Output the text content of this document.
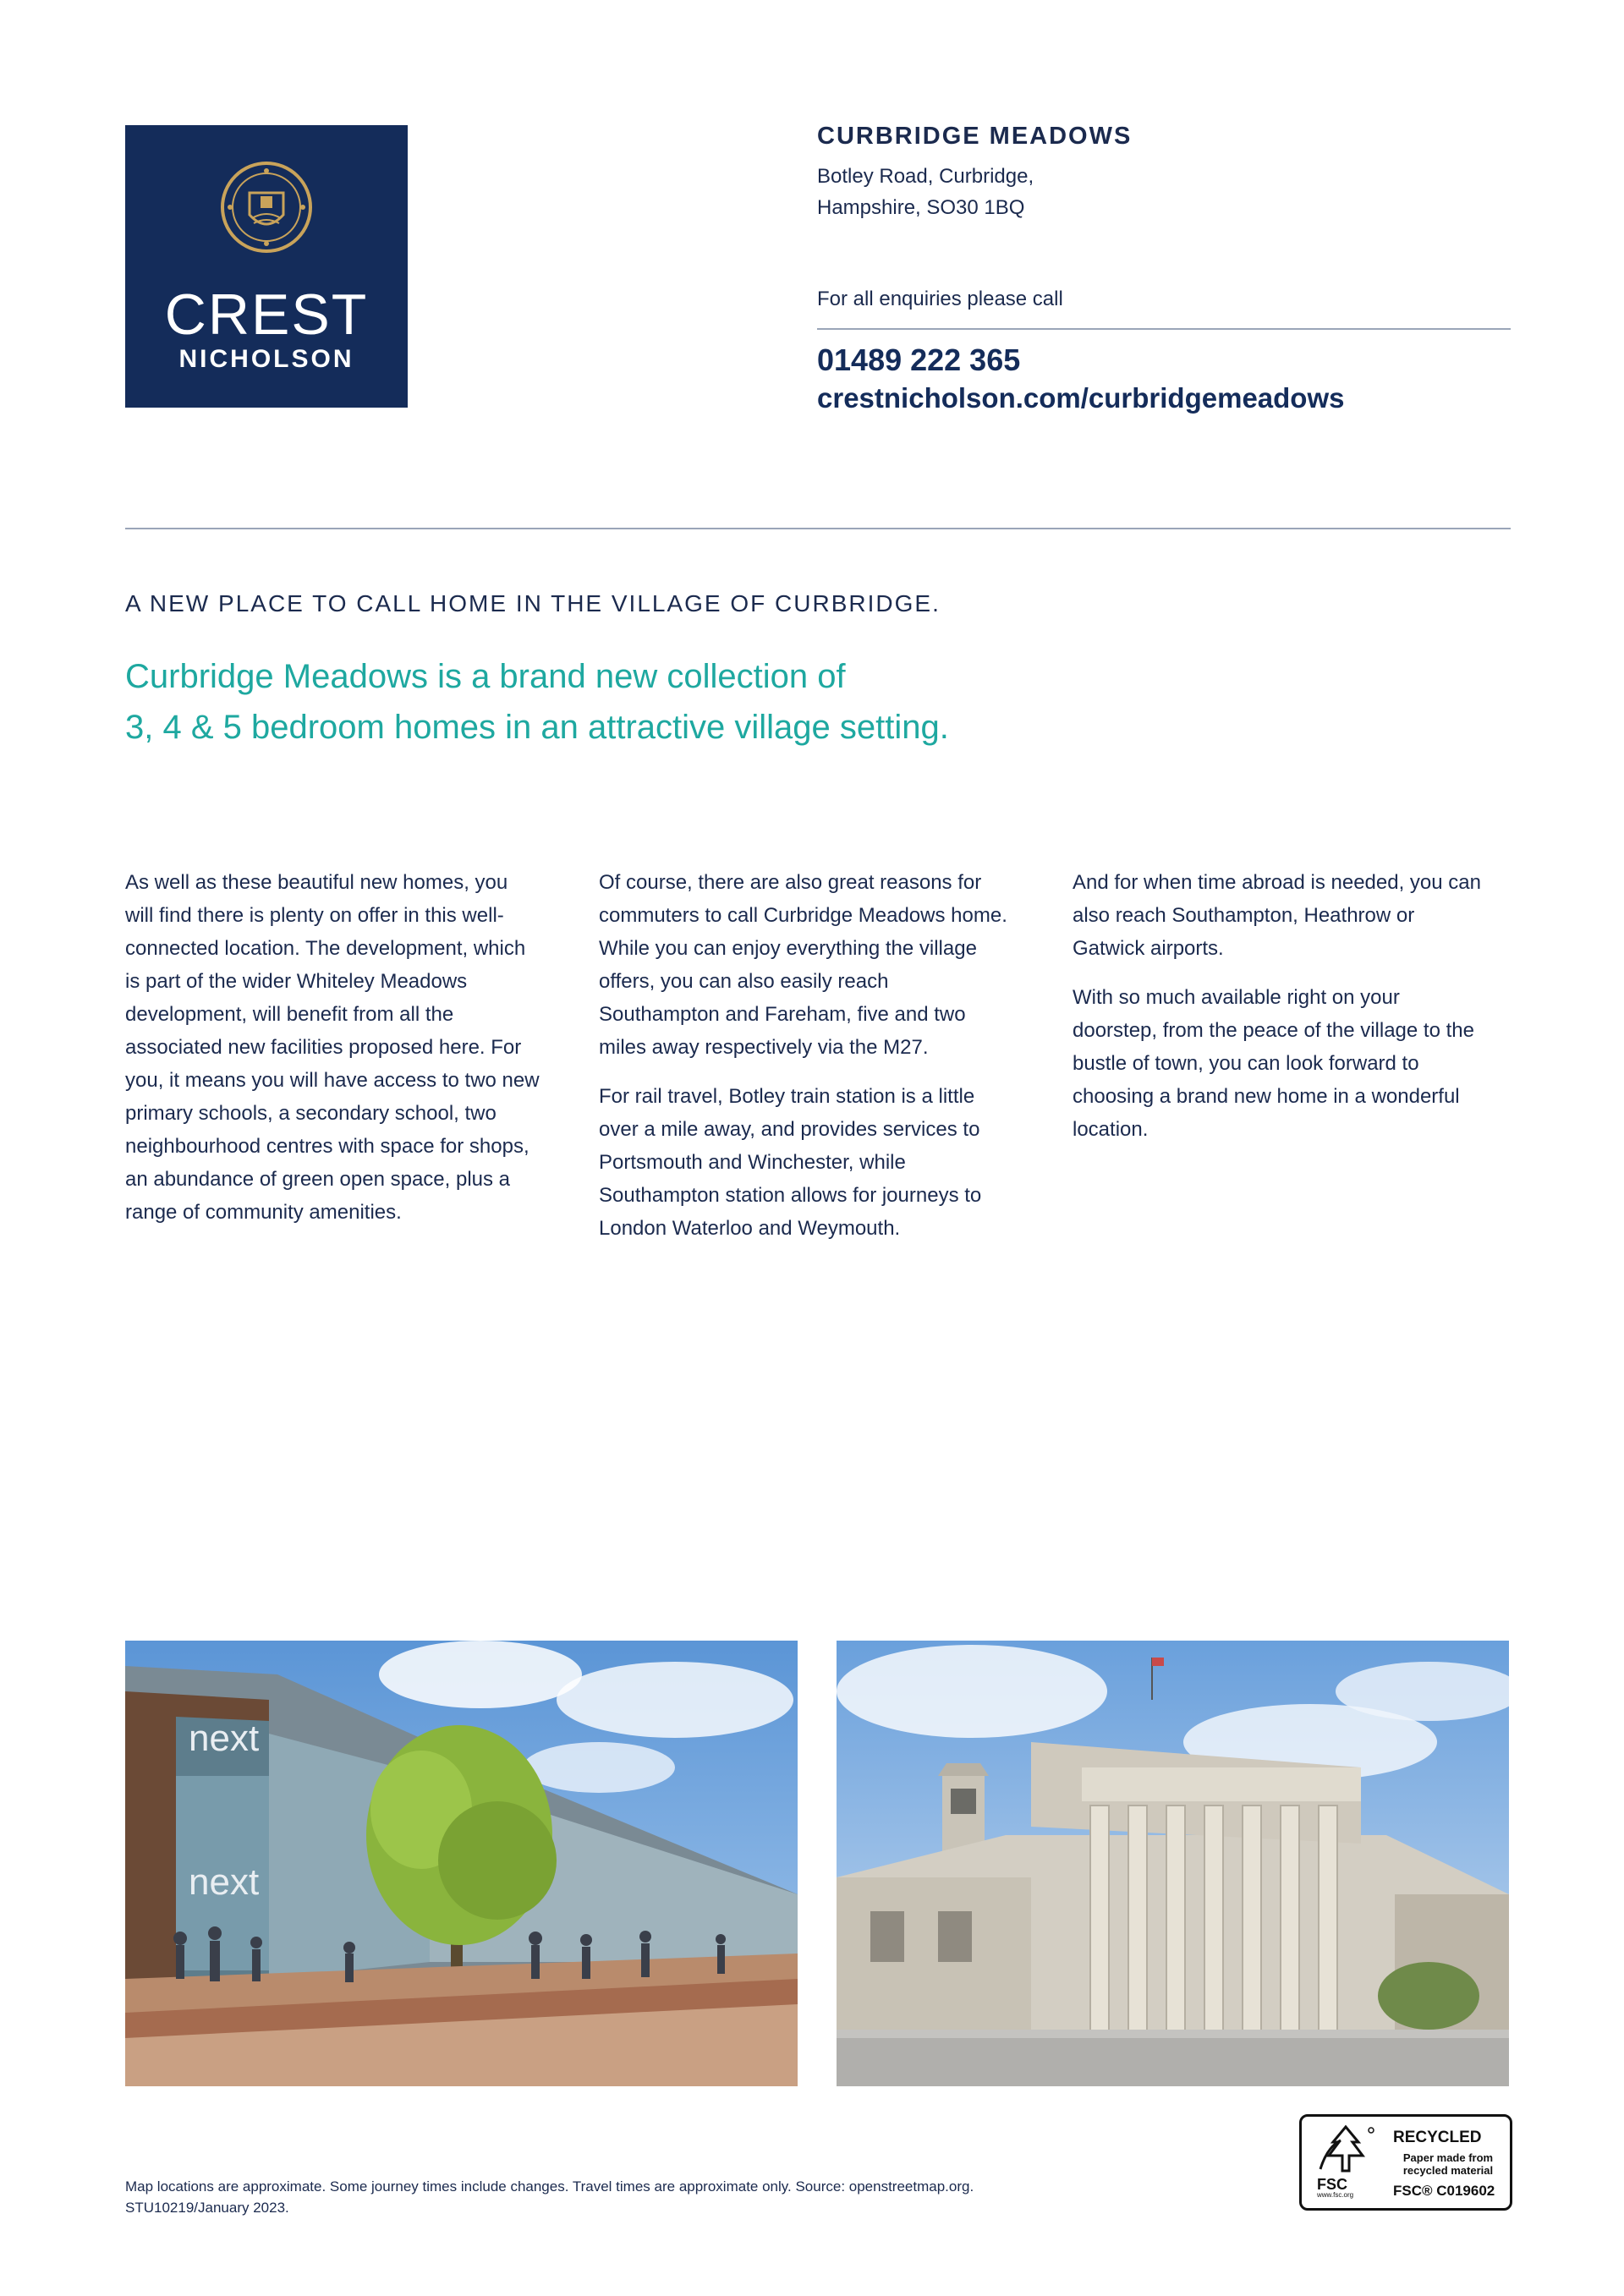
CREST
NICHOLSON
CURBRIDGE MEADOWS
Botley Road, Curbridge,
Hampshire, SO30 1BQ
For all enquiries please call
01489 222 365
crestnicholson.com/curbridgemeadows
A NEW PLACE TO CALL HOME IN THE VILLAGE OF CURBRIDGE.
Curbridge Meadows is a brand new collection of
3, 4 & 5 bedroom homes in an attractive village setting.

As well as these beautiful new homes, you will find there is plenty on offer in this well-connected location. The development, which is part of the wider Whiteley Meadows development, will benefit from all the associated new facilities proposed here. For you, it means you will have access to two new primary schools, a secondary school, two neighbourhood centres with space for shops, an abundance of green open space, plus a range of community amenities.

Of course, there are also great reasons for commuters to call Curbridge Meadows home. While you can enjoy everything the village offers, you can also easily reach Southampton and Fareham, five and two miles away respectively via the M27.

For rail travel, Botley train station is a little over a mile away, and provides services to Portsmouth and Winchester, while Southampton station allows for journeys to London Waterloo and Weymouth.

And for when time abroad is needed, you can also reach Southampton, Heathrow or Gatwick airports.

With so much available right on your doorstep, from the peace of the village to the bustle of town, you can look forward to choosing a brand new home in a wonderful location.

next
next
Map locations are approximate. Some journey times include changes. Travel times are approximate only. Source: openstreetmap.org.
STU10219/January 2023.
FSC
www.fsc.org
RECYCLED
Paper made from
recycled material
FSC® C019602
